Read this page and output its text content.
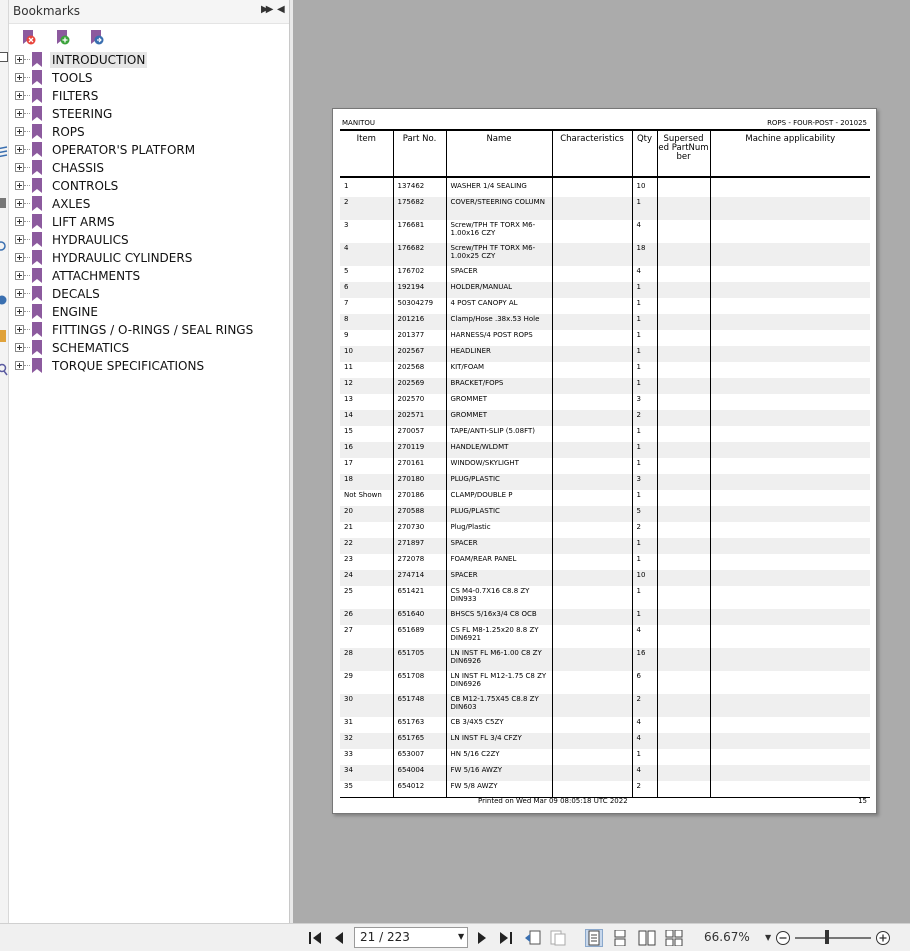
Bookmarks	▶▶ ◀
INTRODUCTION
TOOLS
FILTERS
STEERING
ROPS
OPERATOR'S PLATFORM
CHASSIS
CONTROLS
AXLES
LIFT ARMS
HYDRAULICS
HYDRAULIC CYLINDERS
ATTACHMENTS
DECALS
ENGINE
FITTINGS / O-RINGS / SEAL RINGS
SCHEMATICS
TORQUE SPECIFICATIONS
MANITOU	ROPS - FOUR-POST - 201025
Item	Part No.	Name	Characteristics	Qty	Supersed ed PartNum ber	Machine applicability

1	137462	WASHER 1/4 SEALING		10		
2	175682	COVER/STEERING COLUMN		1		
3	176681	Screw/TPH TF TORX M6-1.00x16 CZY		4		
4	176682	Screw/TPH TF TORX M6-1.00x25 CZY		18		
5	176702	SPACER		4		
6	192194	HOLDER/MANUAL		1		
7	50304279	4 POST CANOPY AL		1		
8	201216	Clamp/Hose .38x.53 Hole		1		
9	201377	HARNESS/4 POST ROPS		1		
10	202567	HEADLINER		1		
11	202568	KIT/FOAM		1		
12	202569	BRACKET/FOPS		1		
13	202570	GROMMET		3		
14	202571	GROMMET		2		
15	270057	TAPE/ANTI-SLIP (5.08FT)		1		
16	270119	HANDLE/WLDMT		1		
17	270161	WINDOW/SKYLIGHT		1		
18	270180	PLUG/PLASTIC		3		
Not Shown	270186	CLAMP/DOUBLE P		1		
20	270588	PLUG/PLASTIC		5		
21	270730	Plug/Plastic		2		
22	271897	SPACER		1		
23	272078	FOAM/REAR PANEL		1		
24	274714	SPACER		10		
25	651421	CS M4-0.7X16 C8.8 ZY DIN933		1		
26	651640	BHSCS 5/16x3/4 C8 OCB		1		
27	651689	CS FL M8-1.25x20 8.8 ZY DIN6921		4		
28	651705	LN INST FL M6-1.00 C8 ZY DIN6926		16		
29	651708	LN INST FL M12-1.75 C8 ZY DIN6926		6		
30	651748	CB M12-1.75X45 C8.8 ZY DIN603		2		
31	651763	CB 3/4X5 C5ZY		4		
32	651765	LN INST FL 3/4 CFZY		4		
33	653007	HN 5/16 C2ZY		1		
34	654004	FW 5/16 AWZY		4		
35	654012	FW 5/8 AWZY		2		
Printed on Wed Mar 09 08:05:18 UTC 2022	15
21 / 223	▼	66.67% ▼
